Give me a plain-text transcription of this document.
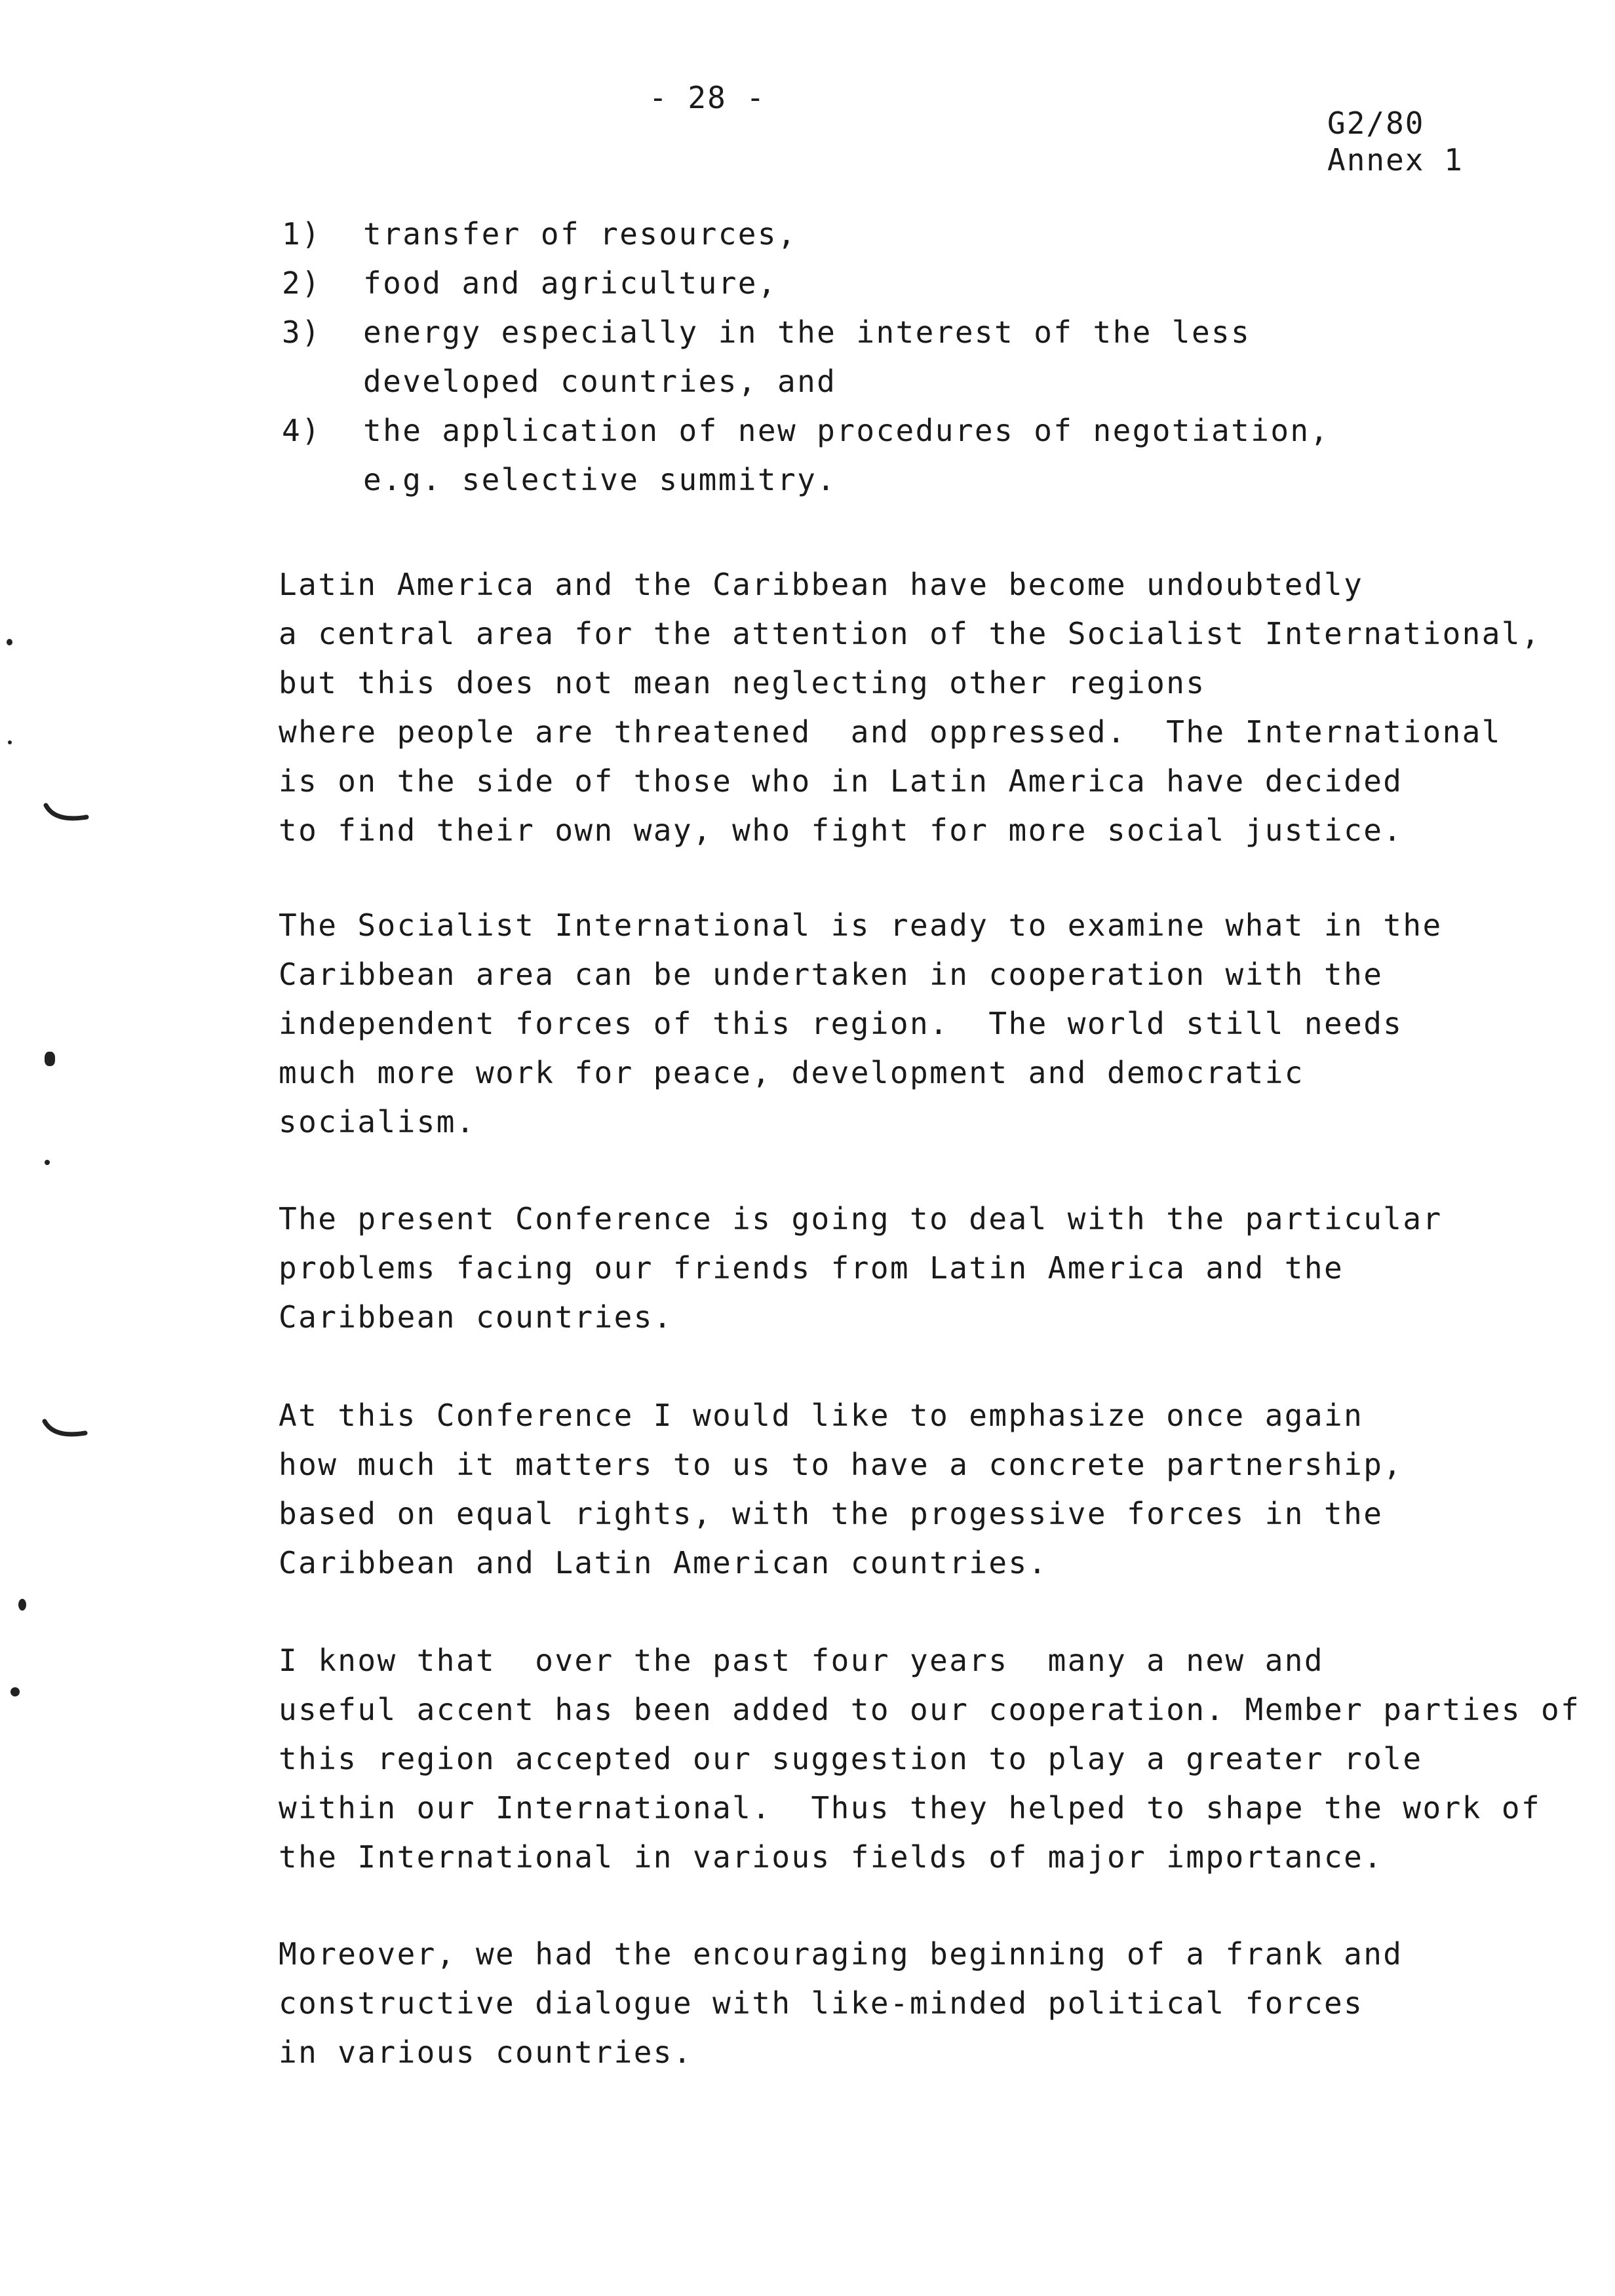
- 28 -
G2/80
Annex 1
1)	transfer of resources,
2)	food and agriculture,
3)	energy especially in the interest of the less
developed countries, and
4)	the application of new procedures of negotiation,
e.g. selective summitry.
Latin America and the Caribbean have become undoubtedly
a central area for the attention of the Socialist International,
but this does not mean neglecting other regions
where people are threatened  and oppressed.  The International
is on the side of those who in Latin America have decided
to find their own way, who fight for more social justice.
The Socialist International is ready to examine what in the
Caribbean area can be undertaken in cooperation with the
independent forces of this region.  The world still needs
much more work for peace, development and democratic
socialism.
The present Conference is going to deal with the particular
problems facing our friends from Latin America and the
Caribbean countries.
At this Conference I would like to emphasize once again
how much it matters to us to have a concrete partnership,
based on equal rights, with the progessive forces in the
Caribbean and Latin American countries.
I know that  over the past four years  many a new and
useful accent has been added to our cooperation. Member parties of
this region accepted our suggestion to play a greater role
within our International.  Thus they helped to shape the work of
the International in various fields of major importance.
Moreover, we had the encouraging beginning of a frank and
constructive dialogue with like-minded political forces
in various countries.
